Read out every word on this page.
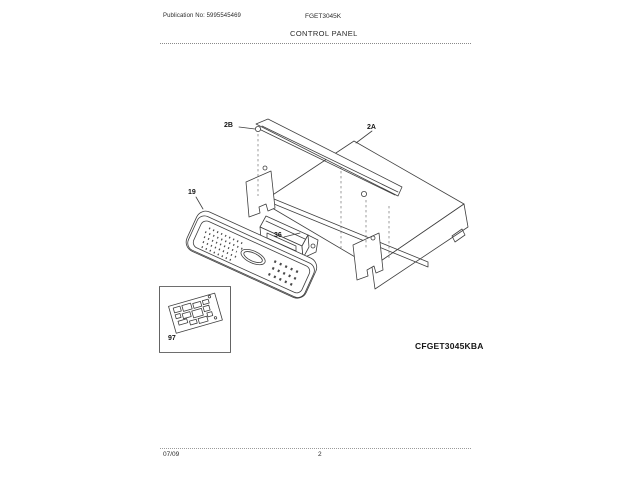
Publication No: 5995545469	FGET3045K
CONTROL PANEL
2B	2A
19
36
97
CFGET3045KBA
07/09	2
